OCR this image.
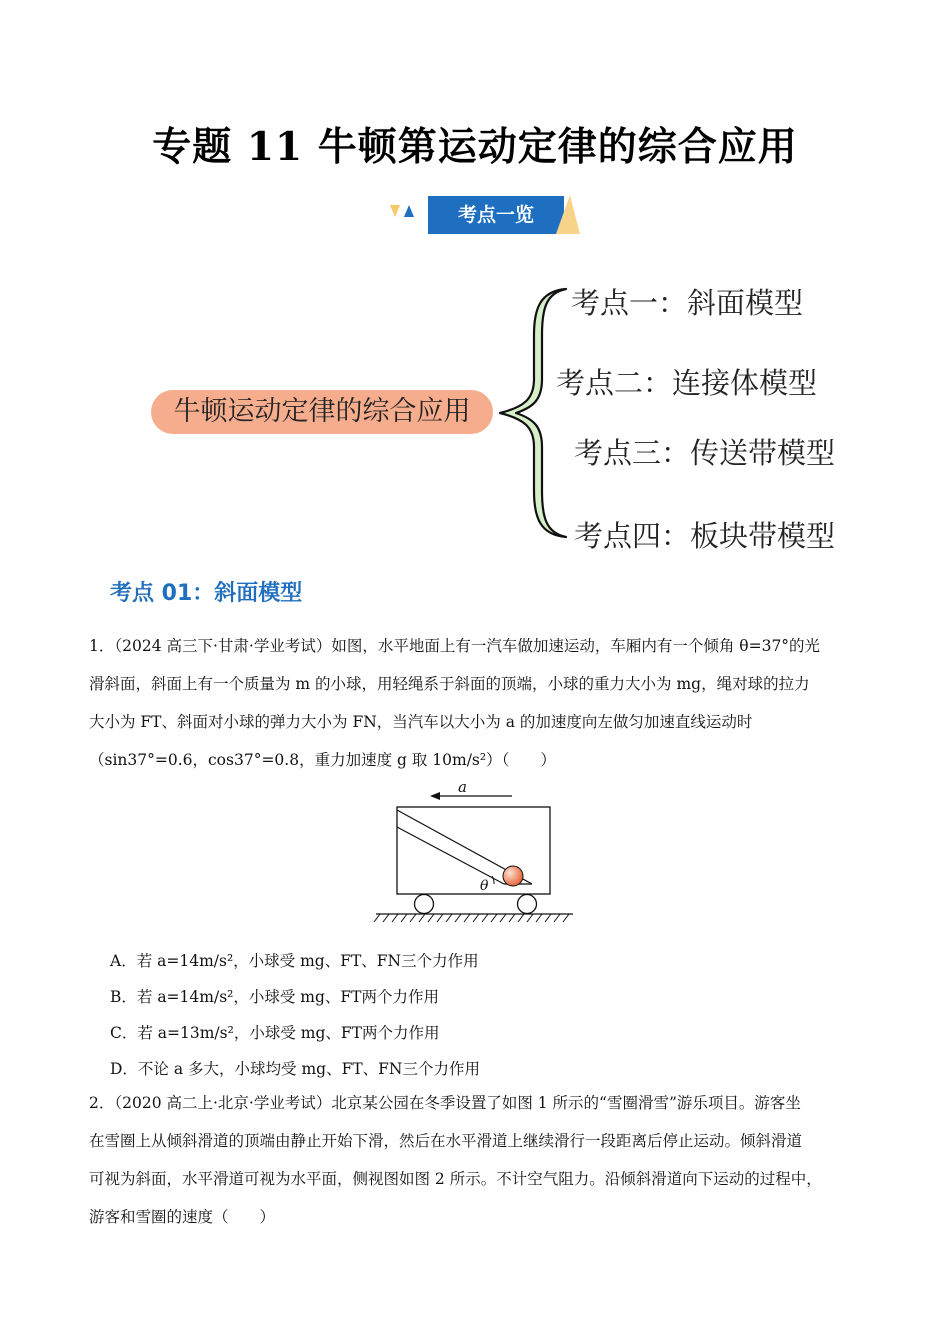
专题 11 牛顿第运动定律的综合应用
考点一览
牛顿运动定律的综合应用
考点一：斜面模型
考点二：连接体模型
考点三：传送带模型
考点四：板块带模型
考点 01：斜面模型

1．（2024 高三下·甘肃·学业考试）如图，水平地面上有一汽车做加速运动，车厢内有一个倾角 θ=37°的光

滑斜面，斜面上有一个质量为 m 的小球，用轻绳系于斜面的顶端，小球的重力大小为 mg，绳对球的拉力

大小为 FT、斜面对小球的弹力大小为 FN，当汽车以大小为 a 的加速度向左做匀加速直线运动时

（sin37°=0.6，cos37°=0.8，重力加速度 g 取 10m/s²）（　　）

a
θ
A．若 a=14m/s²，小球受 mg、FT、FN三个力作用
B．若 a=14m/s²，小球受 mg、FT两个力作用
C．若 a=13m/s²，小球受 mg、FT两个力作用
D．不论 a 多大，小球均受 mg、FT、FN三个力作用

2．（2020 高二上·北京·学业考试）北京某公园在冬季设置了如图 1 所示的“雪圈滑雪”游乐项目。游客坐

在雪圈上从倾斜滑道的顶端由静止开始下滑，然后在水平滑道上继续滑行一段距离后停止运动。倾斜滑道

可视为斜面，水平滑道可视为水平面，侧视图如图 2 所示。不计空气阻力。沿倾斜滑道向下运动的过程中，

游客和雪圈的速度（　　）
